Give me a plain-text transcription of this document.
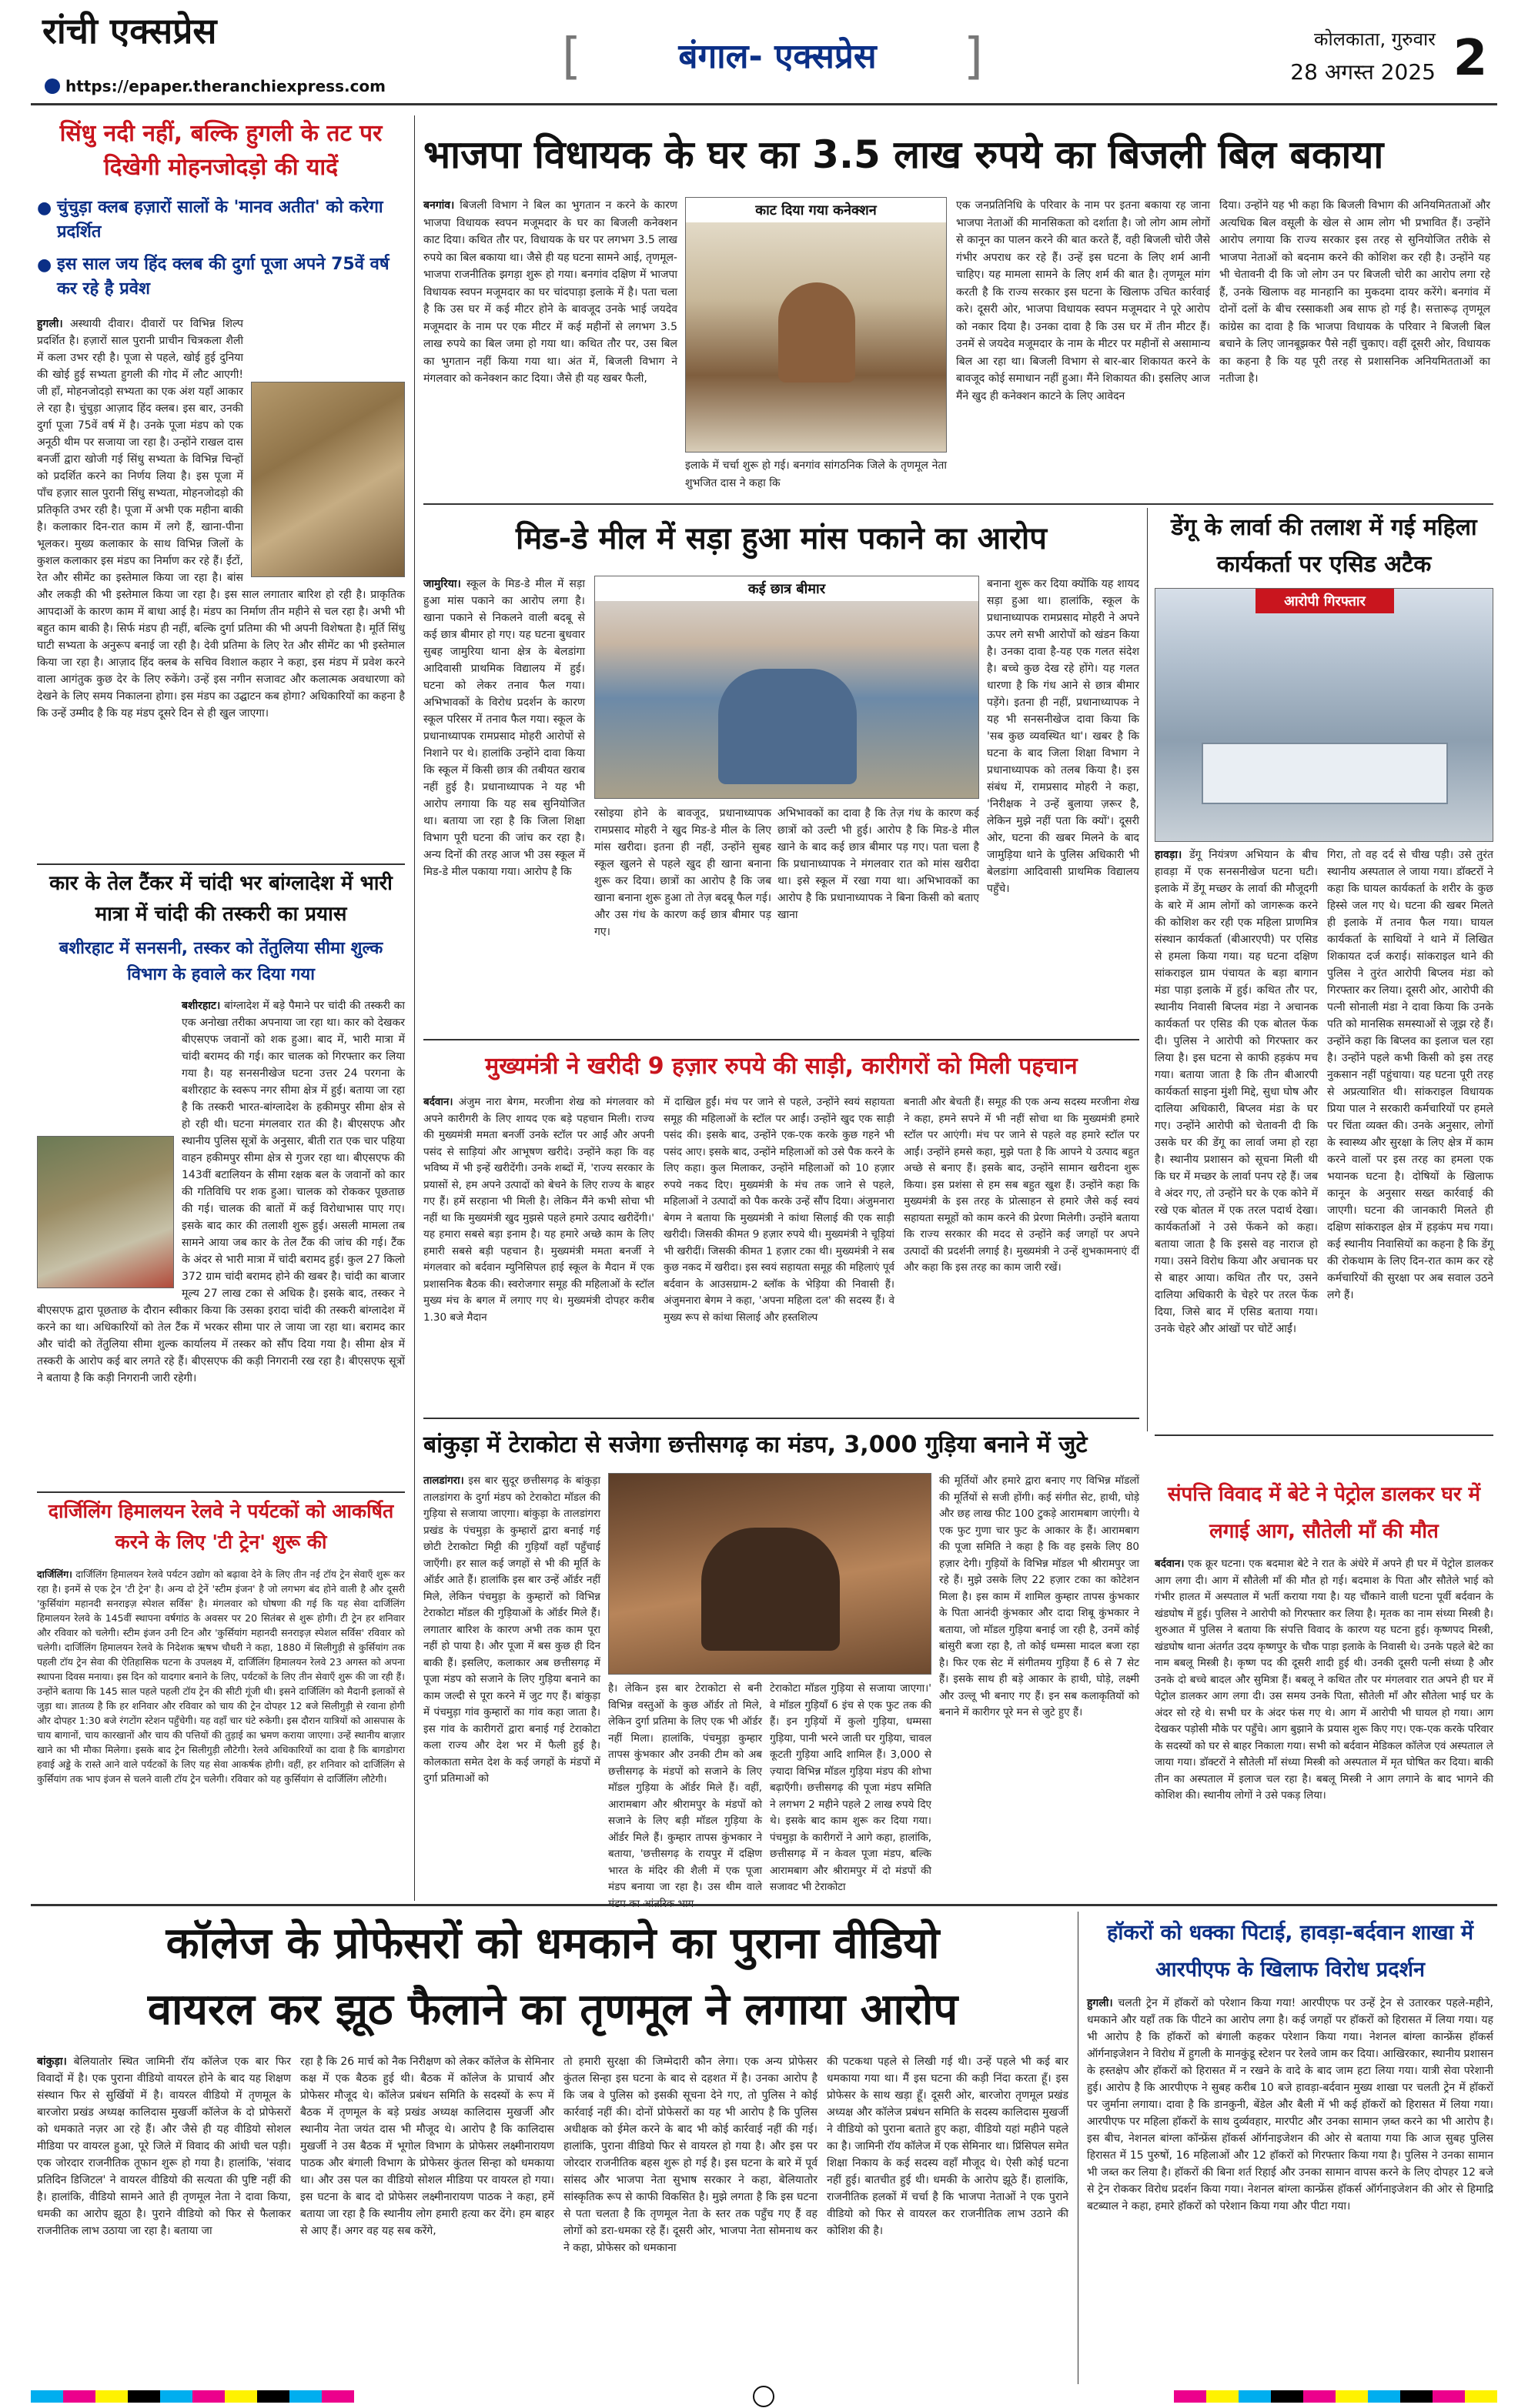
रांची एक्सप्रेस
https://epaper.theranchiexpress.com
[	बंगाल- एक्सप्रेस	]	कोलकाता, गुरुवार
28 अगस्त 2025 2
सिंधु नदी नहीं, बल्कि हुगली के तट पर दिखेगी मोहनजोदड़ो की यादें
● चुंचुड़ा क्लब हज़ारों सालों के 'मानव अतीत' को करेगा प्रदर्शित
● इस साल जय हिंद क्लब की दुर्गा पूजा अपने 75वें वर्ष कर रहे है प्रवेश
हुगली। अस्थायी दीवार। दीवारों पर विभिन्न शिल्प प्रदर्शित है। हज़ारों साल पुरानी प्राचीन चित्रकला शैली में कला उभर रही है। पूजा से पहले, खोई हुई दुनिया की खोई हुई सभ्यता हुगली की गोद में लौट आएगी! जी हाँ, मोहनजोदड़ो सभ्यता का एक अंश यहाँ आकार ले रहा है। चुंचुड़ा आज़ाद हिंद क्लब। इस बार, उनकी दुर्गा पूजा 75वें वर्ष में है। उनके पूजा मंडप को एक अनूठी थीम पर सजाया जा रहा है। उन्होंने राखल दास बनर्जी द्वारा खोजी गई सिंधु सभ्यता के विभिन्न चिन्हों को प्रदर्शित करने का निर्णय लिया है। इस पूजा में पाँच हज़ार साल पुरानी सिंधु सभ्यता, मोहनजोदड़ो की प्रतिकृति उभर रही है। पूजा में अभी एक महीना बाकी है। कलाकार दिन-रात काम में लगे हैं, खाना-पीना भूलकर। मुख्य कलाकार के साथ विभिन्न जिलों के कुशल कलाकार इस मंडप का निर्माण कर रहे हैं। ईंटों, रेत और सीमेंट का इस्तेमाल किया जा रहा है। बांस और लकड़ी की भी इस्तेमाल किया जा रहा है। इस साल लगातार बारिश हो रही है। प्राकृतिक आपदाओं के कारण काम में बाधा आई है। मंडप का निर्माण तीन महीने से चल रहा है। अभी भी बहुत काम बाकी है। सिर्फ मंडप ही नहीं, बल्कि दुर्गा प्रतिमा की भी अपनी विशेषता है। मूर्ति सिंधु घाटी सभ्यता के अनुरूप बनाई जा रही है। देवी प्रतिमा के लिए रेत और सीमेंट का भी इस्तेमाल किया जा रहा है। आज़ाद हिंद क्लब के सचिव विशाल कहार ने कहा, इस मंडप में प्रवेश करने वाला आगंतुक कुछ देर के लिए रुकेंगे। उन्हें इस नगीन सजावट और कलात्मक अवधारणा को देखने के लिए समय निकालना होगा। इस मंडप का उद्घाटन कब होगा? अधिकारियों का कहना है कि उन्हें उम्मीद है कि यह मंडप दूसरे दिन से ही खुल जाएगा।
कार के तेल टैंकर में चांदी भर बांग्लादेश में भारी मात्रा में चांदी की तस्करी का प्रयास
बशीरहाट में सनसनी, तस्कर को तेंतुलिया सीमा शुल्क विभाग के हवाले कर दिया गया
बशीरहाट। बांग्लादेश में बड़े पैमाने पर चांदी की तस्करी का एक अनोखा तरीका अपनाया जा रहा था। कार को देखकर बीएसएफ जवानों को शक हुआ। बाद में, भारी मात्रा में चांदी बरामद की गई। कार चालक को गिरफ्तार कर लिया गया है। यह सनसनीखेज घटना उत्तर 24 परगना के बशीरहाट के स्वरूप नगर सीमा क्षेत्र में हुई। बताया जा रहा है कि तस्करी भारत-बांग्लादेश के हकीमपुर सीमा क्षेत्र से हो रही थी। घटना मंगलवार रात की है। बीएसएफ और स्थानीय पुलिस सूत्रों के अनुसार, बीती रात एक चार पहिया वाहन हकीमपुर सीमा क्षेत्र से गुजर रहा था। बीएसएफ की 143वीं बटालियन के सीमा रक्षक बल के जवानों को कार की गतिविधि पर शक हुआ। चालक को रोककर पूछताछ की गई। चालक की बातों में कई विरोधाभास पाए गए। इसके बाद कार की तलाशी शुरू हुई। असली मामला तब सामने आया जब कार के तेल टैंक की जांच की गई। टैंक के अंदर से भारी मात्रा में चांदी बरामद हुई। कुल 27 किलो 372 ग्राम चांदी बरामद होने की खबर है। चांदी का बाजार मूल्य 27 लाख टका से अधिक है। इसके बाद, तस्कर ने बीएसएफ द्वारा पूछताछ के दौरान स्वीकार किया कि उसका इरादा चांदी की तस्करी बांग्लादेश में करने का था। अधिकारियों को तेल टैंक में भरकर सीमा पार ले जाया जा रहा था। बरामद कार और चांदी को तेंतुलिया सीमा शुल्क कार्यालय में तस्कर को सौंप दिया गया है। सीमा क्षेत्र में तस्करी के आरोप कई बार लगते रहे हैं। बीएसएफ की कड़ी निगरानी रख रहा है। बीएसएफ सूत्रों ने बताया है कि कड़ी निगरानी जारी रहेगी।
दार्जिलिंग हिमालयन रेलवे ने पर्यटकों को आकर्षित करने के लिए 'टी ट्रेन' शुरू की
दार्जिलिंग। दार्जिलिंग हिमालयन रेलवे पर्यटन उद्योग को बढ़ावा देने के लिए तीन नई टॉय ट्रेन सेवाएँ शुरू कर रहा है। इनमें से एक ट्रेन 'टी ट्रेन' है। अन्य दो ट्रेनें 'स्टीम इंजन' है जो लगभग बंद होने वाली है और दूसरी 'कुर्सियांग महानदी सनराइज़ स्पेशल सर्विस' है। मंगलवार को घोषणा की गई कि यह सेवा दार्जिलिंग हिमालयन रेलवे के 145वीं स्थापना वर्षगांठ के अवसर पर 20 सितंबर से शुरू होगी। टी ट्रेन हर शनिवार और रविवार को चलेगी। स्टीम इंजन उनी टिन और 'कुर्सियांग महानदी सनराइज़ स्पेशल सर्विस' रविवार को चलेगी। दार्जिलिंग हिमालयन रेलवे के निदेशक ऋषभ चौधरी ने कहा, 1880 में सिलीगुड़ी से कुर्सियांग तक पहली टॉय ट्रेन सेवा की ऐतिहासिक घटना के उपलक्ष्य में, दार्जिलिंग हिमालयन रेलवे 23 अगस्त को अपना स्थापना दिवस मनाया। इस दिन को यादगार बनाने के लिए, पर्यटकों के लिए तीन सेवाएँ शुरू की जा रही हैं। उन्होंने बताया कि 145 साल पहले पहली टॉय ट्रेन की सीटी गूंजी थी। इसने दार्जिलिंग को मैदानी इलाकों से जुड़ा था। ज्ञातव्य है कि हर शनिवार और रविवार को चाय की ट्रेन दोपहर 12 बजे सिलीगुड़ी से रवाना होगी और दोपहर 1:30 बजे रंगटोंग स्टेशन पहुँचेगी। यह वहाँ चार घंटे रुकेगी। इस दौरान यात्रियों को आसपास के चाय बागानों, चाय कारखानों और चाय की पत्तियों की तुड़ाई का भ्रमण कराया जाएगा। उन्हें स्थानीय बाज़ार खाने का भी मौका मिलेगा। इसके बाद ट्रेन सिलीगुड़ी लौटेगी। रेलवे अधिकारियों का दावा है कि बागडोगरा हवाई अड्डे के रास्ते आने वाले पर्यटकों के लिए यह सेवा आकर्षक होगी। वहीं, हर शनिवार को दार्जिलिंग से कुर्सियांग तक भाप इंजन से चलने वाली टॉय ट्रेन चलेगी। रविवार को यह कुर्सियांग से दार्जिलिंग लौटेगी।
भाजपा विधायक के घर का 3.5 लाख रुपये का बिजली बिल बकाया
बनगांव। बिजली विभाग ने बिल का भुगतान न करने के कारण भाजपा विधायक स्वपन मजूमदार के घर का बिजली कनेक्शन काट दिया। कथित तौर पर, विधायक के घर पर लगभग 3.5 लाख रुपये का बिल बकाया था। जैसे ही यह घटना सामने आई, तृणमूल-भाजपा राजनीतिक झगड़ा शुरू हो गया। बनगांव दक्षिण में भाजपा विधायक स्वपन मजूमदार का घर चांदपाड़ा इलाके में है। पता चला है कि उस घर में कई मीटर होने के बावजूद उनके भाई जयदेव मजूमदार के नाम पर एक मीटर में कई महीनों से लगभग 3.5 लाख रुपये का बिल जमा हो गया था। कथित तौर पर, उस बिल का भुगतान नहीं किया गया था। अंत में, बिजली विभाग ने मंगलवार को कनेक्शन काट दिया। जैसे ही यह खबर फैली,
काट दिया गया कनेक्शन
इलाके में चर्चा शुरू हो गई। बनगांव सांगठनिक जिले के तृणमूल नेता शुभजित दास ने कहा कि
एक जनप्रतिनिधि के परिवार के नाम पर इतना बकाया रह जाना भाजपा नेताओं की मानसिकता को दर्शाता है। जो लोग आम लोगों से कानून का पालन करने की बात करते हैं, वही बिजली चोरी जैसे गंभीर अपराध कर रहे हैं। उन्हें इस घटना के लिए शर्म आनी चाहिए। यह मामला सामने के लिए शर्म की बात है। तृणमूल मांग करती है कि राज्य सरकार इस घटना के खिलाफ उचित कार्रवाई करे। दूसरी ओर, भाजपा विधायक स्वपन मजूमदार ने पूरे आरोप को नकार दिया है। उनका दावा है कि उस घर में तीन मीटर हैं। उनमें से जयदेव मजूमदार के नाम के मीटर पर महीनों से असामान्य बिल आ रहा था। बिजली विभाग से बार-बार शिकायत करने के बावजूद कोई समाधान नहीं हुआ। मैंने शिकायत की। इसलिए आज मैंने खुद ही कनेक्शन काटने के लिए आवेदन
दिया। उन्होंने यह भी कहा कि बिजली विभाग की अनियमितताओं और अत्यधिक बिल वसूली के खेल से आम लोग भी प्रभावित हैं। उन्होंने आरोप लगाया कि राज्य सरकार इस तरह से सुनियोजित तरीके से भाजपा नेताओं को बदनाम करने की कोशिश कर रही है। उन्होंने यह भी चेतावनी दी कि जो लोग उन पर बिजली चोरी का आरोप लगा रहे हैं, उनके खिलाफ वह मानहानि का मुकदमा दायर करेंगे। बनगांव में दोनों दलों के बीच रस्साकशी अब साफ हो गई है। सत्तारूढ़ तृणमूल कांग्रेस का दावा है कि भाजपा विधायक के परिवार ने बिजली बिल बचाने के लिए जानबूझकर पैसे नहीं चुकाए। वहीं दूसरी ओर, विधायक का कहना है कि यह पूरी तरह से प्रशासनिक अनियमितताओं का नतीजा है।
मिड-डे मील में सड़ा हुआ मांस पकाने का आरोप
जामुरिया। स्कूल के मिड-डे मील में सड़ा हुआ मांस पकाने का आरोप लगा है। खाना पकाने से निकलने वाली बदबू से कई छात्र बीमार हो गए। यह घटना बुधवार सुबह जामुरिया थाना क्षेत्र के बेलडांगा आदिवासी प्राथमिक विद्यालय में हुई। घटना को लेकर तनाव फैल गया। अभिभावकों के विरोध प्रदर्शन के कारण स्कूल परिसर में तनाव फैल गया। स्कूल के प्रधानाध्यापक रामप्रसाद मोहरी आरोपों से निशाने पर थे। हालांकि उन्होंने दावा किया कि स्कूल में किसी छात्र की तबीयत खराब नहीं हुई है। प्रधानाध्यापक ने यह भी आरोप लगाया कि यह सब सुनियोजित था। बताया जा रहा है कि जिला शिक्षा विभाग पूरी घटना की जांच कर रहा है। अन्य दिनों की तरह आज भी उस स्कूल में मिड-डे मील पकाया गया। आरोप है कि
कई छात्र बीमार
रसोइया होने के बावजूद, प्रधानाध्यापक रामप्रसाद मोहरी ने खुद मिड-डे मील के लिए मांस खरीदा। इतना ही नहीं, उन्होंने सुबह स्कूल खुलने से पहले खुद ही खाना बनाना शुरू कर दिया। छात्रों का आरोप है कि जब खाना बनाना शुरू हुआ तो तेज़ बदबू फैल गई। और उस गंध के कारण कई छात्र बीमार पड़ गए।
अभिभावकों का दावा है कि तेज़ गंध के कारण कई छात्रों को उल्टी भी हुई। आरोप है कि मिड-डे मील खाने के बाद कई छात्र बीमार पड़ गए। पता चला है कि प्रधानाध्यापक ने मंगलवार रात को मांस खरीदा था। इसे स्कूल में रखा गया था। अभिभावकों का आरोप है कि प्रधानाध्यापक ने बिना किसी को बताए खाना
बनाना शुरू कर दिया क्योंकि यह शायद सड़ा हुआ था। हालांकि, स्कूल के प्रधानाध्यापक रामप्रसाद मोहरी ने अपने ऊपर लगे सभी आरोपों को खंडन किया है। उनका दावा है-यह एक गलत संदेश है। बच्चे कुछ देख रहे होंगे। यह गलत धारणा है कि गंध आने से छात्र बीमार पड़ेंगे। इतना ही नहीं, प्रधानाध्यापक ने यह भी सनसनीखेज दावा किया कि 'सब कुछ व्यवस्थित था'। खबर है कि घटना के बाद जिला शिक्षा विभाग ने प्रधानाध्यापक को तलब किया है। इस संबंध में, रामप्रसाद मोहरी ने कहा, 'निरीक्षक ने उन्हें बुलाया ज़रूर है, लेकिन मुझे नहीं पता कि क्यों'। दूसरी ओर, घटना की खबर मिलने के बाद जामुड़िया थाने के पुलिस अधिकारी भी बेलडांगा आदिवासी प्राथमिक विद्यालय पहुँचे।
डेंगू के लार्वा की तलाश में गई महिला कार्यकर्ता पर एसिड अटैक
आरोपी गिरफ्तार
हावड़ा। डेंगू नियंत्रण अभियान के बीच हावड़ा में एक सनसनीखेज घटना घटी। इलाके में डेंगू मच्छर के लार्वा की मौजूदगी के बारे में आम लोगों को जागरूक करने की कोशिश कर रही एक महिला प्राणमित्र संस्थान कार्यकर्ता (बीआरएपी) पर एसिड से हमला किया गया। यह घटना दक्षिण सांकराइल ग्राम पंचायत के बड़ा बागान मंडा पाड़ा इलाके में हुई। कथित तौर पर, स्थानीय निवासी बिप्लव मंडा ने अचानक कार्यकर्ता पर एसिड की एक बोतल फेंक दी। पुलिस ने आरोपी को गिरफ्तार कर लिया है। इस घटना से काफी हड़कंप मच गया। बताया जाता है कि तीन बीआरपी कार्यकर्ता साइना मुंशी मिद्दे, सुधा घोष और दालिया अधिकारी, बिप्लव मंडा के घर गए। उन्होंने आरोपी को चेतावनी दी कि उसके घर की डेंगू का लार्वा जमा हो रहा है। स्थानीय प्रशासन को सूचना मिली थी कि घर में मच्छर के लार्वा पनप रहे हैं। जब वे अंदर गए, तो उन्होंने घर के एक कोने में रखे एक बोतल में एक तरल पदार्थ देखा। कार्यकर्ताओं ने उसे फेंकने को कहा। बताया जाता है कि इससे वह नाराज हो गया। उसने विरोध किया और अचानक घर से बाहर आया। कथित तौर पर, उसने दालिया अधिकारी के चेहरे पर तरल फेंक दिया, जिसे बाद में एसिड बताया गया। उनके चेहरे और आंखों पर चोटें आईं।
गिरा, तो वह दर्द से चीख पड़ी। उसे तुरंत स्थानीय अस्पताल ले जाया गया। डॉक्टरों ने कहा कि घायल कार्यकर्ता के शरीर के कुछ हिस्से जल गए थे। घटना की खबर मिलते ही इलाके में तनाव फैल गया। घायल कार्यकर्ता के साथियों ने थाने में लिखित शिकायत दर्ज कराई। सांकराइल थाने की पुलिस ने तुरंत आरोपी बिप्लव मंडा को गिरफ्तार कर लिया। दूसरी ओर, आरोपी की पत्नी सोनाली मंडा ने दावा किया कि उनके पति को मानसिक समस्याओं से जूझ रहे हैं। उन्होंने कहा कि बिप्लव का इलाज चल रहा है। उन्होंने पहले कभी किसी को इस तरह नुकसान नहीं पहुंचाया। यह घटना पूरी तरह से अप्रत्याशित थी। सांकराइल विधायक प्रिया पाल ने सरकारी कर्मचारियों पर हमले पर चिंता व्यक्त की। उनके अनुसार, लोगों के स्वास्थ्य और सुरक्षा के लिए क्षेत्र में काम करने वालों पर इस तरह का हमला एक भयानक घटना है। दोषियों के खिलाफ कानून के अनुसार सख्त कार्रवाई की जाएगी। घटना की जानकारी मिलते ही दक्षिण सांकराइल क्षेत्र में हड़कंप मच गया। कई स्थानीय निवासियों का कहना है कि डेंगू की रोकथाम के लिए दिन-रात काम कर रहे कर्मचारियों की सुरक्षा पर अब सवाल उठने लगे हैं।
मुख्यमंत्री ने खरीदी 9 हज़ार रुपये की साड़ी, कारीगरों को मिली पहचान
बर्दवान। अंजुम नारा बेगम, मरजीना शेख को मंगलवार को अपने कारीगरी के लिए शायद एक बड़े पहचान मिली। राज्य की मुख्यमंत्री ममता बनर्जी उनके स्टॉल पर आईं और अपनी पसंद से साड़ियां और आभूषण खरीदे। उन्होंने कहा कि वह भविष्य में भी इन्हें खरीदेंगी। उनके शब्दों में, 'राज्य सरकार के प्रयासों से, हम अपने उत्पादों को बेचने के लिए राज्य के बाहर गए हैं। हमें सरहाना भी मिली है। लेकिन मैंने कभी सोचा भी नहीं था कि मुख्यमंत्री खुद मुझसे पहले हमारे उत्पाद खरीदेंगी।' यह हमारा सबसे बड़ा इनाम है। यह हमारे अच्छे काम के लिए हमारी सबसे बड़ी पहचान है। मुख्यमंत्री ममता बनर्जी ने मंगलवार को बर्दवान म्युनिसिपल हाई स्कूल के मैदान में एक प्रशासनिक बैठक की। स्वरोजगार समूह की महिलाओं के स्टॉल मुख्य मंच के बगल में लगाए गए थे। मुख्यमंत्री दोपहर करीब 1.30 बजे मैदान
में दाखिल हुईं। मंच पर जाने से पहले, उन्होंने स्वयं सहायता समूह की महिलाओं के स्टॉल पर आईं। उन्होंने खुद एक साड़ी पसंद की। इसके बाद, उन्होंने एक-एक करके कुछ गहने भी पसंद आए। इसके बाद, उन्होंने महिलाओं को उसे पैक करने के लिए कहा। कुल मिलाकर, उन्होंने महिलाओं को 10 हज़ार रुपये नकद दिए। मुख्यमंत्री के मंच तक जाने से पहले, महिलाओं ने उत्पादों को पैक करके उन्हें सौंप दिया। अंजुमनारा बेगम ने बताया कि मुख्यमंत्री ने कांथा सिलाई की एक साड़ी खरीदी। जिसकी कीमत 9 हज़ार रुपये थी। मुख्यमंत्री ने चूड़ियां भी खरीदीं। जिसकी कीमत 1 हज़ार टका थी। मुख्यमंत्री ने सब कुछ नकद में खरीदा। इस स्वयं सहायता समूह की महिलाएं पूर्व बर्दवान के आउसग्राम-2 ब्लॉक के भेड़िया की निवासी हैं। अंजुमनारा बेगम ने कहा, 'अपना महिला दल' की सदस्य हैं। वे मुख्य रूप से कांथा सिलाई और हस्तशिल्प
बनाती और बेचती हैं। समूह की एक अन्य सदस्य मरजीना शेख ने कहा, हमने सपने में भी नहीं सोचा था कि मुख्यमंत्री हमारे स्टॉल पर आएंगी। मंच पर जाने से पहले वह हमारे स्टॉल पर आईं। उन्होंने हमसे कहा, मुझे पता है कि आपने ये उत्पाद बहुत अच्छे से बनाए हैं। इसके बाद, उन्होंने सामान खरीदना शुरू किया। इस प्रशंसा से हम सब बहुत खुश हैं। उन्होंने कहा कि मुख्यमंत्री के इस तरह के प्रोत्साहन से हमारे जैसे कई स्वयं सहायता समूहों को काम करने की प्रेरणा मिलेगी। उन्होंने बताया कि राज्य सरकार की मदद से उन्होंने कई जगहों पर अपने उत्पादों की प्रदर्शनी लगाई है। मुख्यमंत्री ने उन्हें शुभकामनाएं दीं और कहा कि इस तरह का काम जारी रखें।
बांकुड़ा में टेराकोटा से सजेगा छत्तीसगढ़ का मंडप, 3,000 गुड़िया बनाने में जुटे
तालडांगरा। इस बार सुदूर छत्तीसगढ़ के बांकुड़ा तालडांगरा के दुर्गा मंडप को टेराकोटा मॉडल की गुड़िया से सजाया जाएगा। बांकुड़ा के तालडांगरा प्रखंड के पंचमुड़ा के कुम्हारों द्वारा बनाई गई छोटी टेराकोटा मिट्टी की गुड़ियाँ वहाँ पहुँचाई जाएँगी। हर साल कई जगहों से भी की मूर्ति के ऑर्डर आते हैं। हालांकि इस बार उन्हें ऑर्डर नहीं मिले, लेकिन पंचमुड़ा के कुम्हारों को विभिन्न टेराकोटा मॉडल की गुड़ियाओं के ऑर्डर मिले हैं। लगातार बारिश के कारण अभी तक काम पूरा नहीं हो पाया है। और पूजा में बस कुछ ही दिन बाकी हैं। इसलिए, कलाकार अब छत्तीसगढ़ में पूजा मंडप को सजाने के लिए गुड़िया बनाने का काम जल्दी से पूरा करने में जुट गए हैं। बांकुड़ा में पंचमुड़ा गांव कुम्हारों का गांव कहा जाता है। इस गांव के कारीगरों द्वारा बनाई गई टेराकोटा कला राज्य और देश भर में फैली हुई है। कोलकाता समेत देश के कई जगहों के मंडपों में दुर्गा प्रतिमाओं को
है। लेकिन इस बार टेराकोटा से बनी विभिन्न वस्तुओं के कुछ ऑर्डर तो मिले, लेकिन दुर्गा प्रतिमा के लिए एक भी ऑर्डर नहीं मिला। हालांकि, पंचमुड़ा कुम्हार तापस कुंभकार और उनकी टीम को अब छत्तीसगढ़ के मंडपों को सजाने के लिए मॉडल गुड़िया के ऑर्डर मिले हैं। वहीं, आरामबाग और श्रीरामपुर के मंडपों को सजाने के लिए बड़ी मॉडल गुड़िया के ऑर्डर मिले हैं। कुम्हार तापस कुंभकार ने बताया, 'छत्तीसगढ़ के रायपुर में दक्षिण भारत के मंदिर की शैली में एक पूजा मंडप बनाया जा रहा है। उस थीम वाले
टेराकोटा मॉडल गुड़िया से सजाया जाएगा।' वे मॉडल गुड़ियाँ 6 इंच से एक फुट तक की हैं। इन गुड़ियों में कुलो गुड़िया, धम्मसा गुड़िया, पानी भरने जाती घर गुड़िया, चावल कूटती गुड़िया आदि शामिल हैं। 3,000 से ज़्यादा विभिन्न मॉडल गुड़िया मंडप की शोभा बढ़ाएँगी। छत्तीसगढ़ की पूजा मंडप समिति ने लगभग 2 महीने पहले 2 लाख रुपये दिए थे। इसके बाद काम शुरू कर दिया गया। पंचमुड़ा के कारीगरों ने आगे कहा, हालांकि, छत्तीसगढ़ में न केवल पूजा मंडप, बल्कि आरामबाग और श्रीरामपुर में दो मंडपों की सजावट भी टेराकोटा
की मूर्तियों और हमारे द्वारा बनाए गए विभिन्न मॉडलों की मूर्तियों से सजी होंगी। कई संगीत सेट, हाथी, घोड़े और छह लाख फीट 100 टुकड़े आरामबाग जाएंगी। ये एक फुट गुणा चार फुट के आकार के हैं। आरामबाग की पूजा समिति ने कहा है कि वह इसके लिए 80 हज़ार देगी। गुड़ियों के विभिन्न मॉडल भी श्रीरामपुर जा रहे हैं। मुझे उसके लिए 22 हज़ार टका का कोटेशन मिला है। इस काम में शामिल कुम्हार तापस कुंभकार के पिता आनंदी कुंभकार और दादा शिबू कुंभकार ने बताया, जो मॉडल गुड़िया बनाई जा रही है, उनमें कोई बांसुरी बजा रहा है, तो कोई धम्मसा मादल बजा रहा है। फिर एक सेट में संगीतमय गुड़िया हैं 6 से 7 सेट हैं। इसके साथ ही बड़े आकार के हाथी, घोड़े, लक्ष्मी और उल्लू भी बनाए गए हैं। इन सब कलाकृतियों को बनाने में कारीगर पूरे मन से जुटे हुए हैं।
संपत्ति विवाद में बेटे ने पेट्रोल डालकर घर में लगाई आग, सौतेली माँ की मौत
बर्दवान। एक क्रूर घटना। एक बदमाश बेटे ने रात के अंधेरे में अपने ही घर में पेट्रोल डालकर आग लगा दी। आग में सौतेली माँ की मौत हो गई। बदमाश के पिता और सौतेले भाई को गंभीर हालत में अस्पताल में भर्ती कराया गया है। यह चौंकाने वाली घटना पूर्वी बर्दवान के खंडघोष में हुई। पुलिस ने आरोपी को गिरफ्तार कर लिया है। मृतक का नाम संध्या मिस्त्री है। शुरुआत में पुलिस ने बताया कि संपत्ति विवाद के कारण यह घटना हुई। कृष्णपद मिस्त्री, खंडघोष थाना अंतर्गत उदय कृष्णपुर के चौक पाड़ा इलाके के निवासी थे। उनके पहले बेटे का नाम बबलू मिस्त्री है। कृष्ण पद की दूसरी शादी हुई थी। उनकी दूसरी पत्नी संध्या है और उनके दो बच्चे बादल और सुमित्रा हैं। बबलू ने कथित तौर पर मंगलवार रात अपने ही घर में पेट्रोल डालकर आग लगा दी। उस समय उनके पिता, सौतेली माँ और सौतेला भाई घर के अंदर सो रहे थे। सभी घर के अंदर फंस गए थे। आग में आरोपी भी घायल हो गया। आग देखकर पड़ोसी मौके पर पहुँचे। आग बुझाने के प्रयास शुरू किए गए। एक-एक करके परिवार के सदस्यों को घर से बाहर निकाला गया। सभी को बर्दवान मेडिकल कॉलेज एवं अस्पताल ले जाया गया। डॉक्टरों ने सौतेली माँ संध्या मिस्त्री को अस्पताल में मृत घोषित कर दिया। बाकी तीन का अस्पताल में इलाज चल रहा है। बबलू मिस्त्री ने आग लगाने के बाद भागने की कोशिश की। स्थानीय लोगों ने उसे पकड़ लिया।
कॉलेज के प्रोफेसरों को धमकाने का पुराना वीडियो
वायरल कर झूठ फैलाने का तृणमूल ने लगाया आरोप
बांकुड़ा। बेलियातोर स्थित जामिनी रॉय कॉलेज एक बार फिर विवादों में है। एक पुराना वीडियो वायरल होने के बाद यह शिक्षण संस्थान फिर से सुर्खियों में है। वायरल वीडियो में तृणमूल के बारजोरा प्रखंड अध्यक्ष कालिदास मुखर्जी कॉलेज के दो प्रोफेसरों को धमकाते नज़र आ रहे हैं। और जैसे ही यह वीडियो सोशल मीडिया पर वायरल हुआ, पूरे जिले में विवाद की आंधी चल पड़ी। एक जोरदार राजनीतिक तूफान शुरू हो गया है। हालांकि, 'संवाद प्रतिदिन डिजिटल' ने वायरल वीडियो की सत्यता की पुष्टि नहीं की है। हालांकि, वीडियो सामने आते ही तृणमूल नेता ने दावा किया, धमकी का आरोप झूठा है। पुराने वीडियो को फिर से फैलाकर राजनीतिक लाभ उठाया जा रहा है। बताया जा
रहा है कि 26 मार्च को नैक निरीक्षण को लेकर कॉलेज के सेमिनार कक्ष में एक बैठक हुई थी। बैठक में कॉलेज के प्राचार्य और प्रोफेसर मौजूद थे। कॉलेज प्रबंधन समिति के सदस्यों के रूप में बैठक में तृणमूल के बड़े प्रखंड अध्यक्ष कालिदास मुखर्जी और स्थानीय नेता जयंत दास भी मौजूद थे। आरोप है कि कालिदास मुखर्जी ने उस बैठक में भूगोल विभाग के प्रोफेसर लक्ष्मीनारायण पाठक और बंगाली विभाग के प्रोफेसर कुंतल सिन्हा को धमकाया था। और उस पल का वीडियो सोशल मीडिया पर वायरल हो गया। इस घटना के बाद दो प्रोफेसर लक्ष्मीनारायण पाठक ने कहा, हमें बताया जा रहा है कि स्थानीय लोग हमारी हत्या कर देंगे। हम बाहर से आए हैं। अगर वह यह सब करेंगे,
तो हमारी सुरक्षा की जिम्मेदारी कौन लेगा। एक अन्य प्रोफेसर कुंतल सिन्हा इस घटना के बाद से दहशत में है। उनका आरोप है कि जब वे पुलिस को इसकी सूचना देने गए, तो पुलिस ने कोई कार्रवाई नहीं की। दोनों प्रोफेसरों का यह भी आरोप है कि पुलिस अधीक्षक को ईमेल करने के बाद भी कोई कार्रवाई नहीं की गई। हालांकि, पुराना वीडियो फिर से वायरल हो गया है। और इस पर जोरदार राजनीतिक बहस शुरू हो गई है। इस घटना के बारे में पूर्व सांसद और भाजपा नेता सुभाष सरकार ने कहा, बेलियातोर सांस्कृतिक रूप से काफी विकसित है। मुझे लगता है कि इस घटना से पता चलता है कि तृणमूल नेता के स्तर तक पहुँच गए हैं वह लोगों को डरा-धमका रहे हैं। दूसरी ओर, भाजपा नेता सोमनाथ कर ने कहा, प्रोफेसर को धमकाना
की पटकथा पहले से लिखी गई थी। उन्हें पहले भी कई बार धमकाया गया था। मैं इस घटना की कड़ी निंदा करता हूँ। इस प्रोफेसर के साथ खड़ा हूँ। दूसरी ओर, बारजोरा तृणमूल प्रखंड अध्यक्ष और कॉलेज प्रबंधन समिति के सदस्य कालिदास मुखर्जी ने वीडियो को पुराना बताते हुए कहा, वीडियो यहां महीने पहले का है। जामिनी रॉय कॉलेज में एक सेमिनार था। प्रिंसिपल समेत शिक्षा निकाय के कई सदस्य वहाँ मौजूद थे। ऐसी कोई घटना नहीं हुई। बातचीत हुई थी। धमकी के आरोप झूठे हैं। हालांकि, राजनीतिक हलकों में चर्चा है कि भाजपा नेताओं ने एक पुराने वीडियो को फिर से वायरल कर राजनीतिक लाभ उठाने की कोशिश की है।
हॉकरों को धक्का पिटाई, हावड़ा-बर्दवान शाखा में आरपीएफ के खिलाफ विरोध प्रदर्शन
हुगली। चलती ट्रेन में हॉकरों को परेशान किया गया! आरपीएफ पर उन्हें ट्रेन से उतारकर पहले-महीने, धमकाने और यहाँ तक कि पीटने का आरोप लगा है। कई जगहों पर हॉकरों को हिरासत में लिया गया। यह भी आरोप है कि हॉकरों को बंगाली कहकर परेशान किया गया। नेशनल बांग्ला कान्फ्रेंस हॉकर्स ऑर्गनाइजेशन ने विरोध में हुगली के मानकुंडू स्टेशन पर रेलवे जाम कर दिया। आखिरकार, स्थानीय प्रशासन के हस्तक्षेप और हॉकरों को हिरासत में न रखने के वादे के बाद जाम हटा लिया गया। यात्री सेवा परेशानी हुई। आरोप है कि आरपीएफ ने सुबह करीब 10 बजे हावड़ा-बर्दवान मुख्य शाखा पर चलती ट्रेन में हॉकरों पर जुर्माना लगाया। दावा है कि डानकुनी, बेंडेल और बैली में भी कई हॉकरों को हिरासत में लिया गया। आरपीएफ पर महिला हॉकरों के साथ दुर्व्यवहार, मारपीट और उनका सामान ज़ब्त करने का भी आरोप है। इस बीच, नेशनल बांग्ला कॉन्फ्रेंस हॉकर्स ऑर्गनाइजेशन की ओर से बताया गया कि आज सुबह पुलिस हिरासत में 15 पुरुषों, 16 महिलाओं और 12 हॉकरों को गिरफ्तार किया गया है। पुलिस ने उनका सामान भी जब्त कर लिया है। हॉकरों की बिना शर्त रिहाई और उनका सामान वापस करने के लिए दोपहर 12 बजे से ट्रेन रोककर विरोध प्रदर्शन किया गया। नेशनल बांग्ला कान्फ्रेंस हॉकर्स ऑर्गनाइजेशन की ओर से हिमाद्रि बटब्याल ने कहा, हमारे हॉकरों को परेशान किया गया और पीटा गया।
